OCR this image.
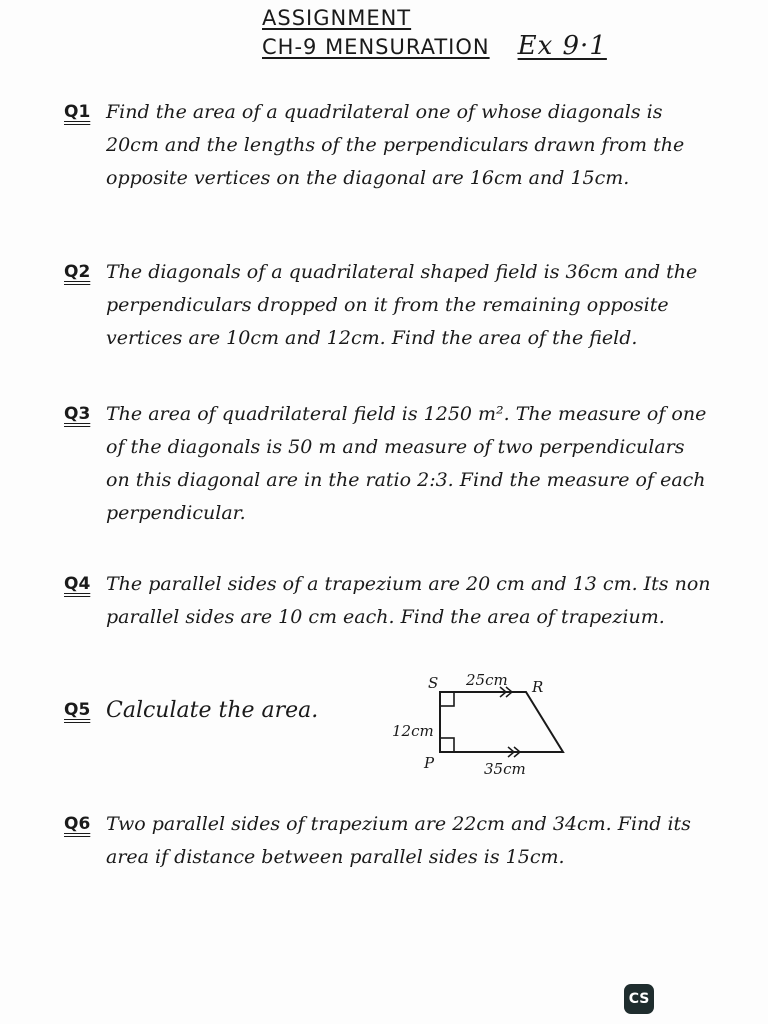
ASSIGNMENT
CH-9 MENSURATION Ex 9·1
Q1 Find the area of a quadrilateral one of whose diagonals is 20cm and the lengths of the perpendiculars drawn from the opposite vertices on the diagonal are 16cm and 15cm.
Q2 The diagonals of a quadrilateral shaped field is 36cm and the perpendiculars dropped on it from the remaining opposite vertices are 10cm and 12cm. Find the area of the field.
Q3 The area of quadrilateral field is 1250 m². The measure of one of the diagonals is 50 m and measure of two perpendiculars on this diagonal are in the ratio 2:3. Find the measure of each perpendicular.
Q4 The parallel sides of a trapezium are 20 cm and 13 cm. Its non parallel sides are 10 cm each. Find the area of trapezium.
Q5 Calculate the area.
S	R
P
25cm
35cm
12cm
Q6 Two parallel sides of trapezium are 22cm and 34cm. Find its area if distance between parallel sides is 15cm.
CS
